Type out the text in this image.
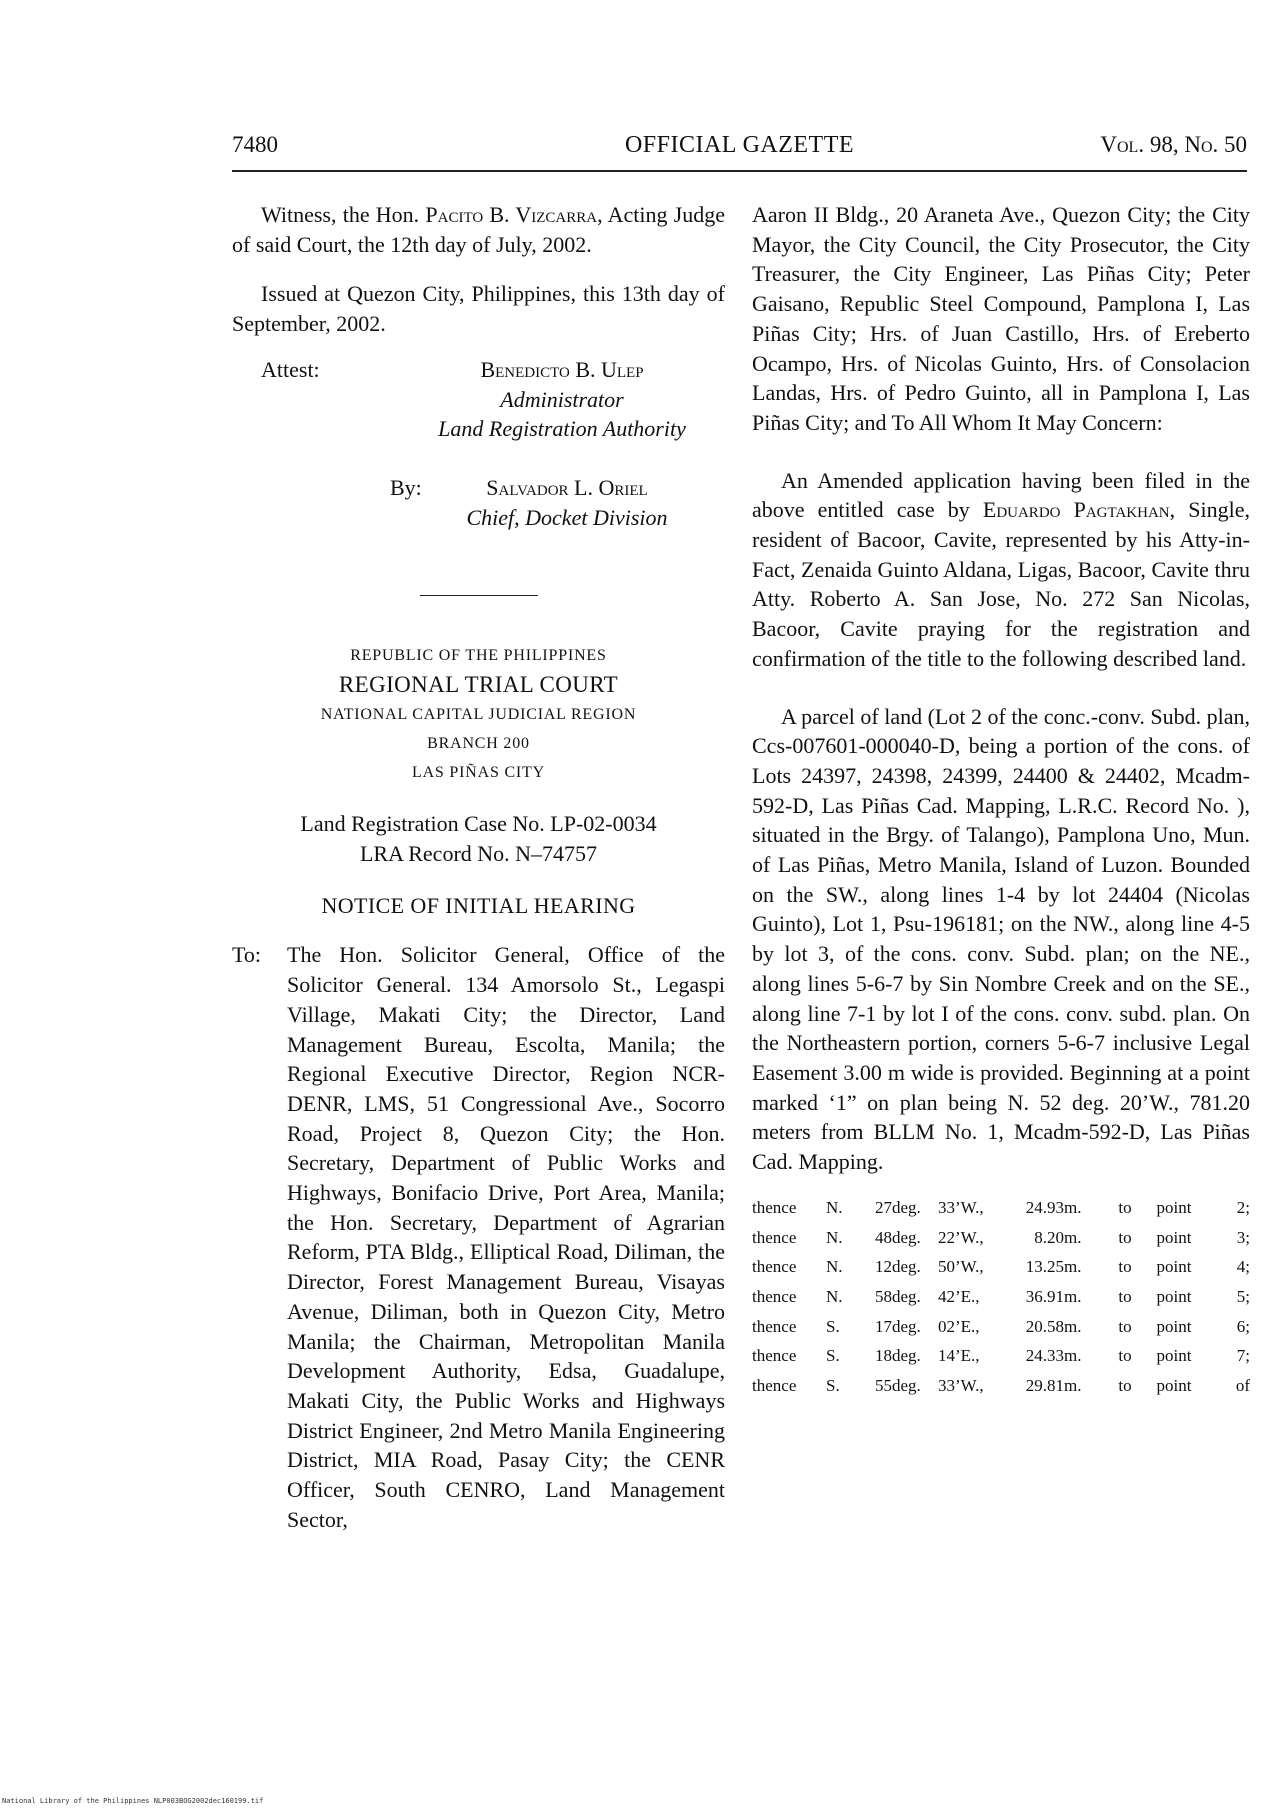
7480	OFFICIAL GAZETTE	Vol. 98, No. 50

Witness, the Hon. Pacito B. Vizcarra, Acting Judge of said Court, the 12th day of July, 2002.

Issued at Quezon City, Philippines, this 13th day of September, 2002.

Attest:	Benedicto B. Ulep
Administrator
Land Registration Authority
By:	Salvador L. Oriel
Chief, Docket Division
REPUBLIC OF THE PHILIPPINES
REGIONAL TRIAL COURT
NATIONAL CAPITAL JUDICIAL REGION
BRANCH 200
LAS PIÑAS CITY
Land Registration Case No. LP-02-0034
LRA Record No. N–74757
NOTICE OF INITIAL HEARING
To: The Hon. Solicitor General, Office of the Solicitor General. 134 Amorsolo St., Legaspi Village, Makati City; the Director, Land Management Bureau, Escolta, Manila; the Regional Executive Director, Region NCR-DENR, LMS, 51 Congressional Ave., Socorro Road, Project 8, Quezon City; the Hon. Secretary, Department of Public Works and Highways, Bonifacio Drive, Port Area, Manila; the Hon. Secretary, Department of Agrarian Reform, PTA Bldg., Elliptical Road, Diliman, the Director, Forest Management Bureau, Visayas Avenue, Diliman, both in Quezon City, Metro Manila; the Chairman, Metropolitan Manila Development Authority, Edsa, Guadalupe, Makati City, the Public Works and Highways District Engineer, 2nd Metro Manila Engineering District, MIA Road, Pasay City; the CENR Officer, South CENRO, Land Management Sector,

Aaron II Bldg., 20 Araneta Ave., Quezon City; the City Mayor, the City Council, the City Prosecutor, the City Treasurer, the City Engineer, Las Piñas City; Peter Gaisano, Republic Steel Compound, Pamplona I, Las Piñas City; Hrs. of Juan Castillo, Hrs. of Ereberto Ocampo, Hrs. of Nicolas Guinto, Hrs. of Consolacion Landas, Hrs. of Pedro Guinto, all in Pamplona I, Las Piñas City; and To All Whom It May Concern:

An Amended application having been filed in the above entitled case by Eduardo Pagtakhan, Single, resident of Bacoor, Cavite, represented by his Atty-in-Fact, Zenaida Guinto Aldana, Ligas, Bacoor, Cavite thru Atty. Roberto A. San Jose, No. 272 San Nicolas, Bacoor, Cavite praying for the registration and confirmation of the title to the following described land.

A parcel of land (Lot 2 of the conc.-conv. Subd. plan, Ccs-007601-000040-D, being a portion of the cons. of Lots 24397, 24398, 24399, 24400 & 24402, Mcadm-592-D, Las Piñas Cad. Mapping, L.R.C. Record No. ), situated in the Brgy. of Talango), Pamplona Uno, Mun. of Las Piñas, Metro Manila, Island of Luzon. Bounded on the SW., along lines 1-4 by lot 24404 (Nicolas Guinto), Lot 1, Psu-196181; on the NW., along line 4-5 by lot 3, of the cons. conv. Subd. plan; on the NE., along lines 5-6-7 by Sin Nombre Creek and on the SE., along line 7-1 by lot I of the cons. conv. subd. plan. On the Northeastern portion, corners 5-6-7 inclusive Legal Easement 3.00 m wide is provided. Beginning at a point marked ‘1” on plan being N. 52 deg. 20’W., 781.20 meters from BLLM No. 1, Mcadm-592-D, Las Piñas Cad. Mapping.

thence	N.	27	deg.	33’W.,	24.93	m.	to	point	2;
thence	N.	48	deg.	22’W.,	8.20	m.	to	point	3;
thence	N.	12	deg.	50’W.,	13.25	m.	to	point	4;
thence	N.	58	deg.	42’E.,	36.91	m.	to	point	5;
thence	S.	17	deg.	02’E.,	20.58	m.	to	point	6;
thence	S.	18	deg.	14’E.,	24.33	m.	to	point	7;
thence	S.	55	deg.	33’W.,	29.81	m.	to	point	of
National Library of the Philippines NLP003BOG2002dec160199.tif
